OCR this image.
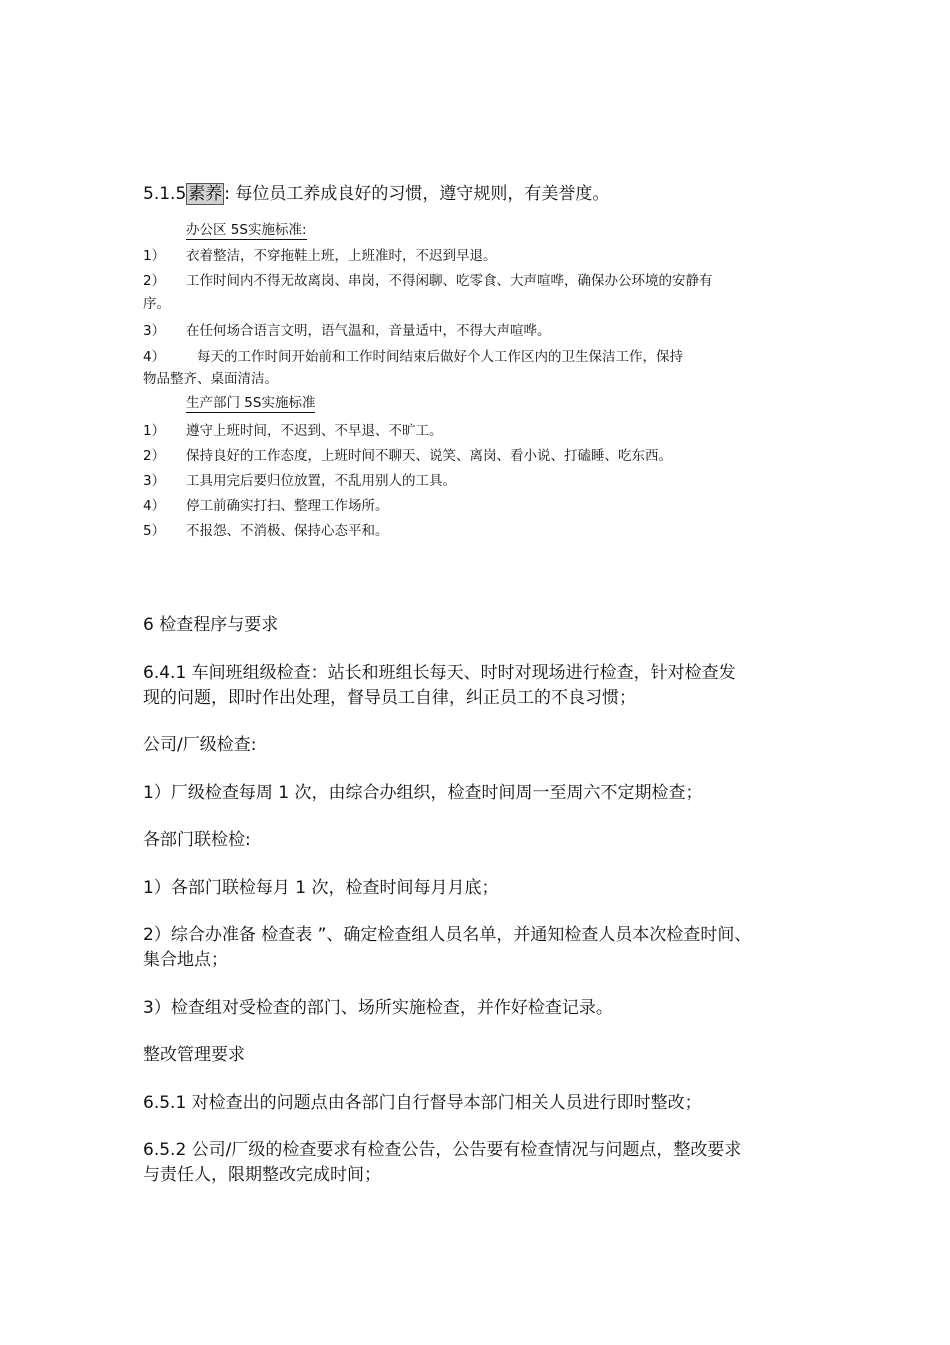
5.1.5 素养 : 每位员工养成良好的习惯，遵守规则，有美誉度。
办公区 5S实施标准:
1） 衣着整洁，不穿拖鞋上班，上班准时，不迟到早退。
2） 工作时间内不得无故离岗、串岗，不得闲聊、吃零食、大声喧哗，确保办公环境的安静有
序。
3） 在任何场合语言文明，语气温和，音量适中，不得大声喧哗。
4） 每天的工作时间开始前和工作时间结束后做好个人工作区内的卫生保洁工作，保持
物品整齐、桌面清洁。
生产部门 5S实施标准
1） 遵守上班时间，不迟到、不早退、不旷工。
2） 保持良好的工作态度，上班时间不聊天、说笑、离岗、看小说、打磕睡、吃东西。
3） 工具用完后要归位放置，不乱用别人的工具。
4） 停工前确实打扫、整理工作场所。
5） 不报怨、不消极、保持心态平和。
6 检查程序与要求
6.4.1 车间班组级检查：站长和班组长每天、时时对现场进行检查，针对检查发
现的问题，即时作出处理，督导员工自律，纠正员工的不良习惯；
公司/厂级检查:
1）厂级检查每周 1 次，由综合办组织，检查时间周一至周六不定期检查；
各部门联检检:
1）各部门联检每月 1 次，检查时间每月月底；
2）综合办准备 检查表 ”、确定检查组人员名单，并通知检查人员本次检查时间、
集合地点；
3）检查组对受检查的部门、场所实施检查，并作好检查记录。
整改管理要求
6.5.1 对检查出的问题点由各部门自行督导本部门相关人员进行即时整改；
6.5.2 公司/厂级的检查要求有检查公告，公告要有检查情况与问题点，整改要求
与责任人，限期整改完成时间；
